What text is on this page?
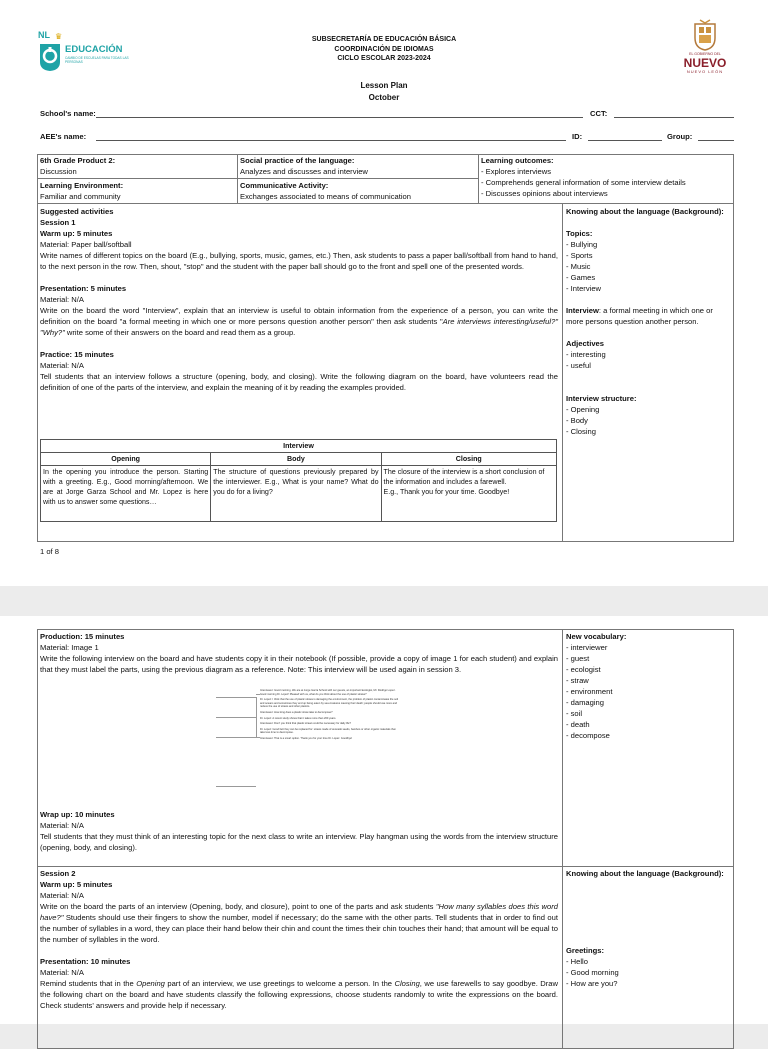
NL ♛
EDUCACIÓN
CAMBIO DE ESCUELAS PARA TODAS LAS PERSONAS
SUBSECRETARÍA DE EDUCACIÓN BÁSICA
COORDINACIÓN DE IDIOMAS
CICLO ESCOLAR 2023-2024
EL GOBIERNO DEL
NUEVO
NUEVO LEÓN
Lesson Plan
October
School's name:	CCT:
AEE's name:	ID:	Group:
6th Grade Product 2:
Discussion
Social practice of the language:
Analyzes and discusses and interview
Learning outcomes:
- Explores interviews
- Comprehends general information of some interview details
- Discusses opinions about interviews
Learning Environment:
Familiar and community
Communicative Activity:
Exchanges associated to means of communication
Suggested activities
Session 1
Warm up: 5 minutes
Material: Paper ball/softball
Write names of different topics on the board (E.g., bullying, sports, music, games, etc.) Then, ask students to pass a paper ball/softball from hand to hand, to the next person in the row. Then, shout, "stop" and the student with the paper ball should go to the front and spell one of the presented words.
Presentation: 5 minutes
Material: N/A
Write on the board the word "Interview", explain that an interview is useful to obtain information from the experience of a person, you can write the definition on the board "a formal meeting in which one or more persons question another person" then ask students "Are interviews interesting/useful?" "Why?" write some of their answers on the board and read them as a group.
Practice: 15 minutes
Material: N/A
Tell students that an interview follows a structure (opening, body, and closing). Write the following diagram on the board, have volunteers read the definition of one of the parts of the interview, and explain the meaning of it by reading the examples provided.
Interview		
Opening	Body	Closing
In the opening you introduce the person. Starting with a greeting. E.g., Good morning/afternoon. We are at Jorge Garza School and Mr. Lopez is here with us to answer some questions…	The structure of questions previously prepared by the interviewer. E.g., What is your name? What do you do for a living?	The closure of the interview is a short conclusion of the information and includes a farewell.
E.g., Thank you for your time. Goodbye!
Knowing about the language (Background):
Topics:
- Bullying
- Sports
- Music
- Games
- Interview
Interview: a formal meeting in which one or more persons question another person.
Adjectives
- interesting
- useful
Interview structure:
- Opening
- Body
- Closing
1 of 8
Production: 15 minutes
Material: Image 1
Write the following interview on the board and have students copy it in their notebook (If possible, provide a copy of image 1 for each student) and explain that they must label the parts, using the previous diagram as a reference. Note: This interview will be used again in session 3.
Interviewer: Good morning. We are at Jorge Garza School with our guests, an important Ecologist, Mr. Rodrigo Lopez. Good morning Dr. Lopez! Pleased with us, what do you think about the use of plastic straws?
Dr. Lopez: I think that the use of plastic straws is damaging the environment, the problem of plastic contaminates the soil and oceans and sometimes they end up being eaten by sea creatures causing their death; people should use more and reduce the use of straws and other plastics.
Interviewer: How long does a plastic straw take to decompose?
Dr. Lopez: A recent study shows that it takes more than 200 years.
Interviewer: Don't you think that plastic straws could be necessary for daily life?
Dr. Lopez: Good fact they can be replaced for: straws made of avocado seeds, bamboo or other organic materials that take less time to decompose.
Interviewer: That is a smart option. Thank you for your time Dr. Lopez. Goodbye!
Wrap up: 10 minutes
Material: N/A
Tell students that they must think of an interesting topic for the next class to write an interview. Play hangman using the words from the interview structure (opening, body, and closing).
New vocabulary:
- interviewer
- guest
- ecologist
- straw
- environment
- damaging
- soil
- death
- decompose
Session 2
Warm up: 5 minutes
Material: N/A
Write on the board the parts of an interview (Opening, body, and closure), point to one of the parts and ask students "How many syllables does this word have?" Students should use their fingers to show the number, model if necessary; do the same with the other parts. Tell students that in order to find out the number of syllables in a word, they can place their hand below their chin and count the times their chin touches their hand; that amount will be equal to the number of syllables in the word.
Presentation: 10 minutes
Material: N/A
Remind students that in the Opening part of an interview, we use greetings to welcome a person. In the Closing, we use farewells to say goodbye. Draw the following chart on the board and have students classify the following expressions, choose students randomly to write the expressions on the board. Check students' answers and provide help if necessary.
Knowing about the language (Background):
Greetings:
- Hello
- Good morning
- How are you?
